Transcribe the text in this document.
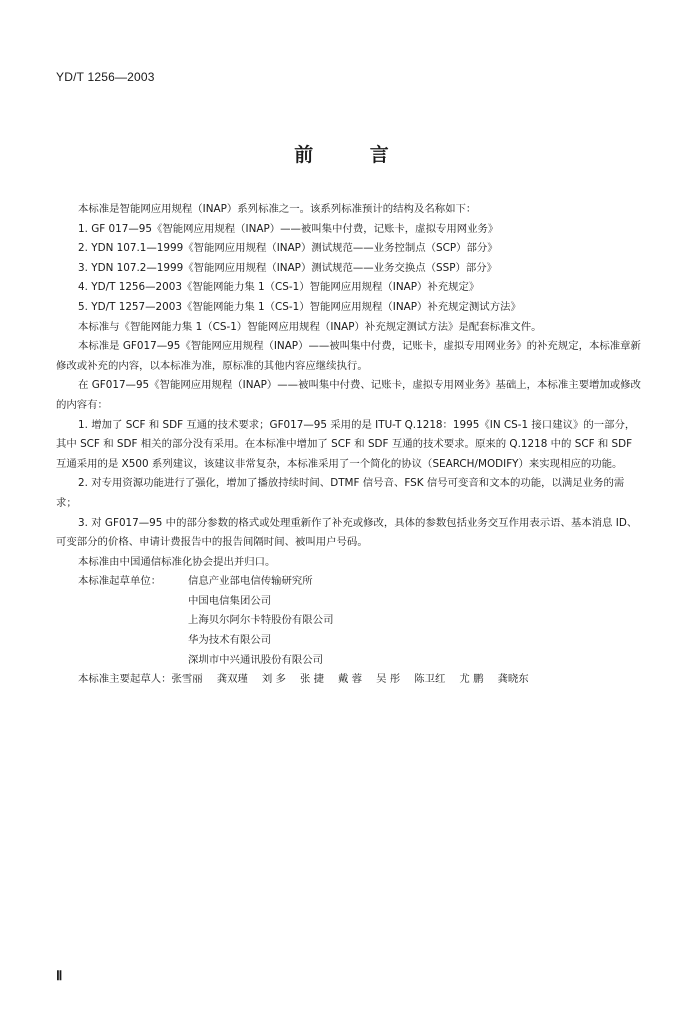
YD/T 1256—2003
前 言

本标准是智能网应用规程（INAP）系列标准之一。该系列标准预计的结构及名称如下：

1. GF 017—95《智能网应用规程（INAP）——被叫集中付费，记账卡，虚拟专用网业务》

2. YDN 107.1—1999《智能网应用规程（INAP）测试规范——业务控制点（SCP）部分》

3. YDN 107.2—1999《智能网应用规程（INAP）测试规范——业务交换点（SSP）部分》

4. YD/T 1256—2003《智能网能力集 1（CS-1）智能网应用规程（INAP）补充规定》

5. YD/T 1257—2003《智能网能力集 1（CS-1）智能网应用规程（INAP）补充规定测试方法》

本标准与《智能网能力集 1（CS-1）智能网应用规程（INAP）补充规定测试方法》是配套标准文件。

本标准是 GF017—95《智能网应用规程（INAP）——被叫集中付费，记账卡，虚拟专用网业务》的补充规定，本标准章新修改或补充的内容，以本标准为准，原标准的其他内容应继续执行。

在 GF017—95《智能网应用规程（INAP）——被叫集中付费、记账卡，虚拟专用网业务》基础上，本标准主要增加或修改的内容有：

1. 增加了 SCF 和 SDF 互通的技术要求；GF017—95 采用的是 ITU-T Q.1218：1995《IN CS-1 接口建议》的一部分，其中 SCF 和 SDF 相关的部分没有采用。在本标准中增加了 SCF 和 SDF 互通的技术要求。原来的 Q.1218 中的 SCF 和 SDF 互通采用的是 X500 系列建议，该建议非常复杂，本标准采用了一个简化的协议（SEARCH/MODIFY）来实现相应的功能。

2. 对专用资源功能进行了强化，增加了播放持续时间、DTMF 信号音、FSK 信号可变音和文本的功能，以满足业务的需求；

3. 对 GF017—95 中的部分参数的格式或处理重新作了补充或修改，具体的参数包括业务交互作用表示语、基本消息 ID、可变部分的价格、申请计费报告中的报告间隔时间、被叫用户号码。

本标准由中国通信标准化协会提出并归口。

本标准起草单位：	信息产业部电信传输研究所
中国电信集团公司
上海贝尔阿尔卡特股份有限公司
华为技术有限公司
深圳市中兴通讯股份有限公司
本标准主要起草人： 张雪丽 龚双瑾 刘 多 张 捷 戴 蓉 吴 彤 陈卫红 尤 鹏 龚晓东
Ⅱ
